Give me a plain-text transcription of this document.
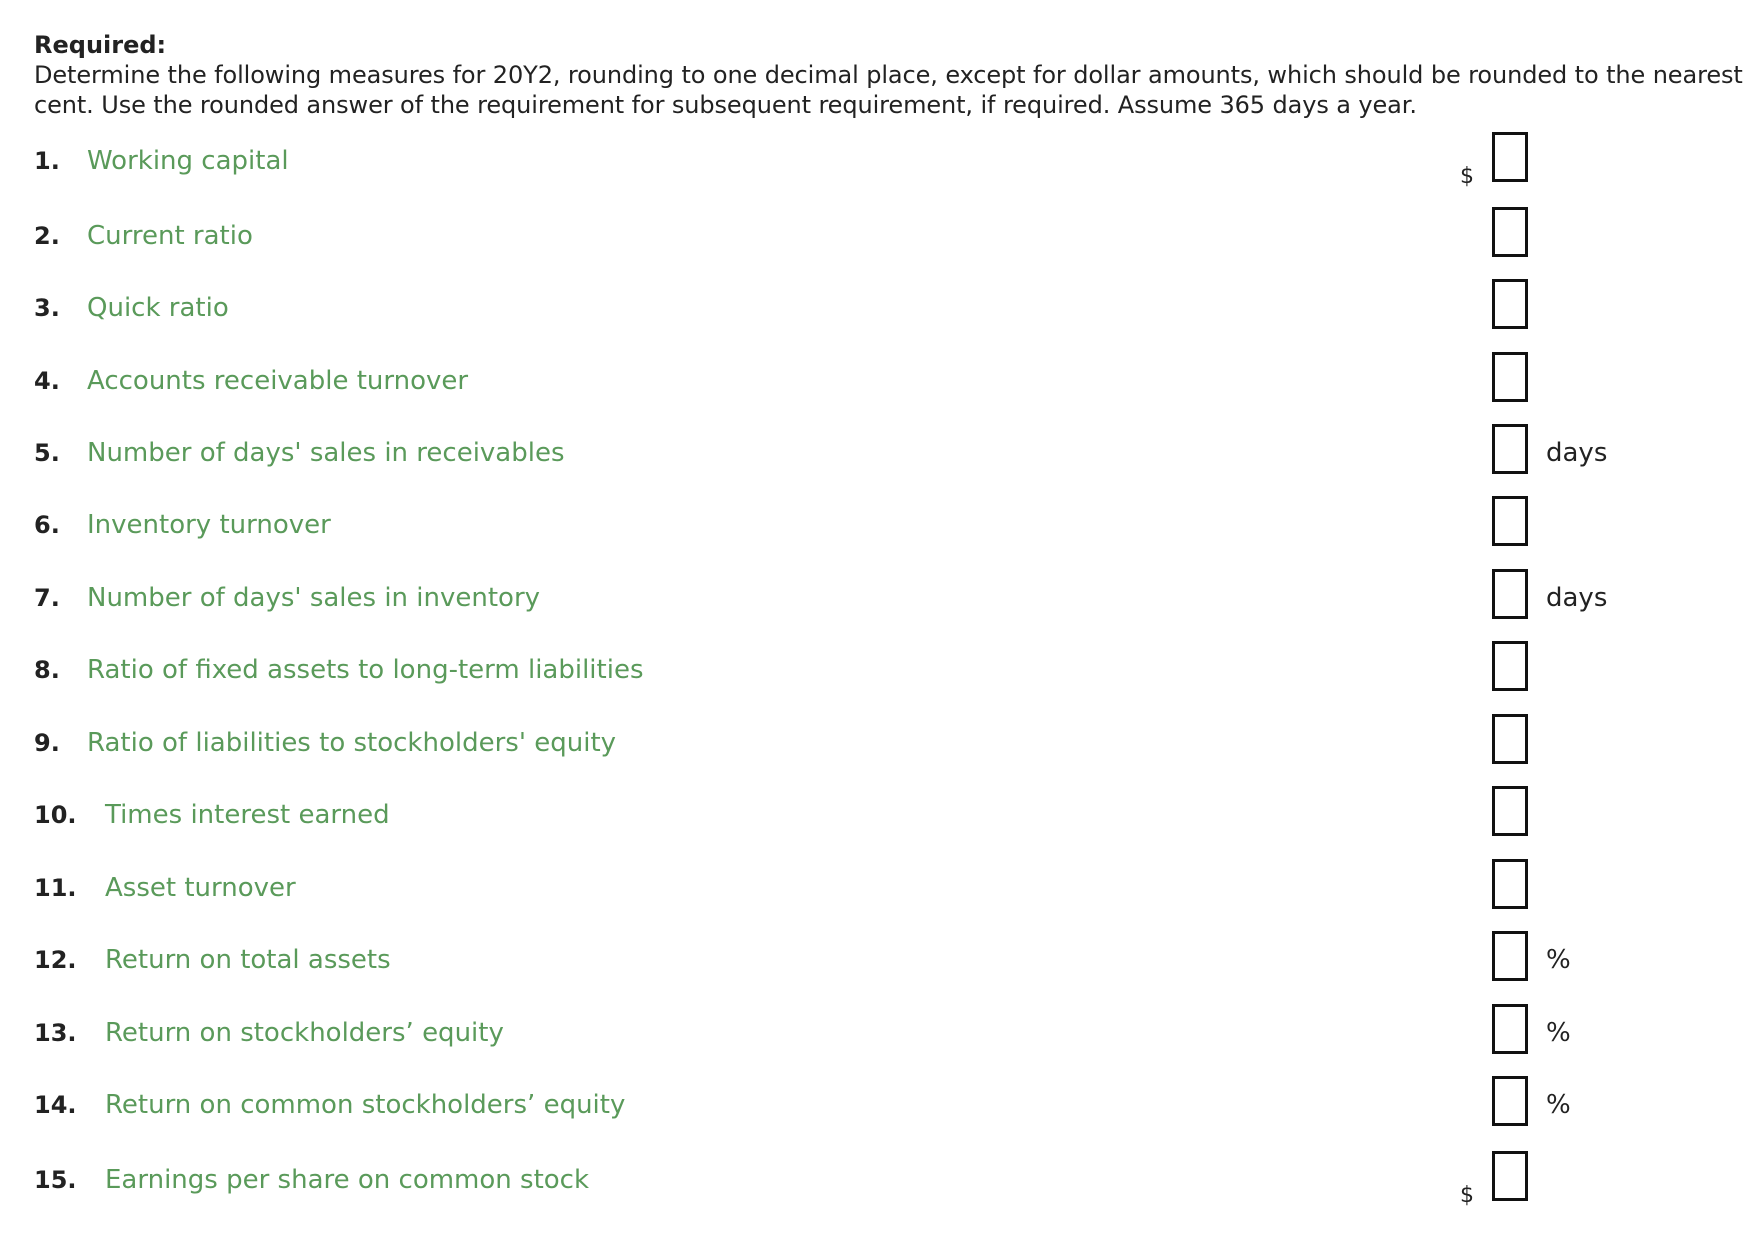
Required:
Determine the following measures for 20Y2, rounding to one decimal place, except for dollar amounts, which should be rounded to the nearest cent. Use the rounded answer of the requirement for subsequent requirement, if required. Assume 365 days a year.
1. Working capital
$
2. Current ratio
3. Quick ratio
4. Accounts receivable turnover
5. Number of days' sales in receivables	days
6. Inventory turnover
7. Number of days' sales in inventory	days
8. Ratio of fixed assets to long-term liabilities
9. Ratio of liabilities to stockholders' equity
10. Times interest earned
11. Asset turnover
12. Return on total assets	%
13. Return on stockholders’ equity	%
14. Return on common stockholders’ equity	%
15. Earnings per share on common stock
$
